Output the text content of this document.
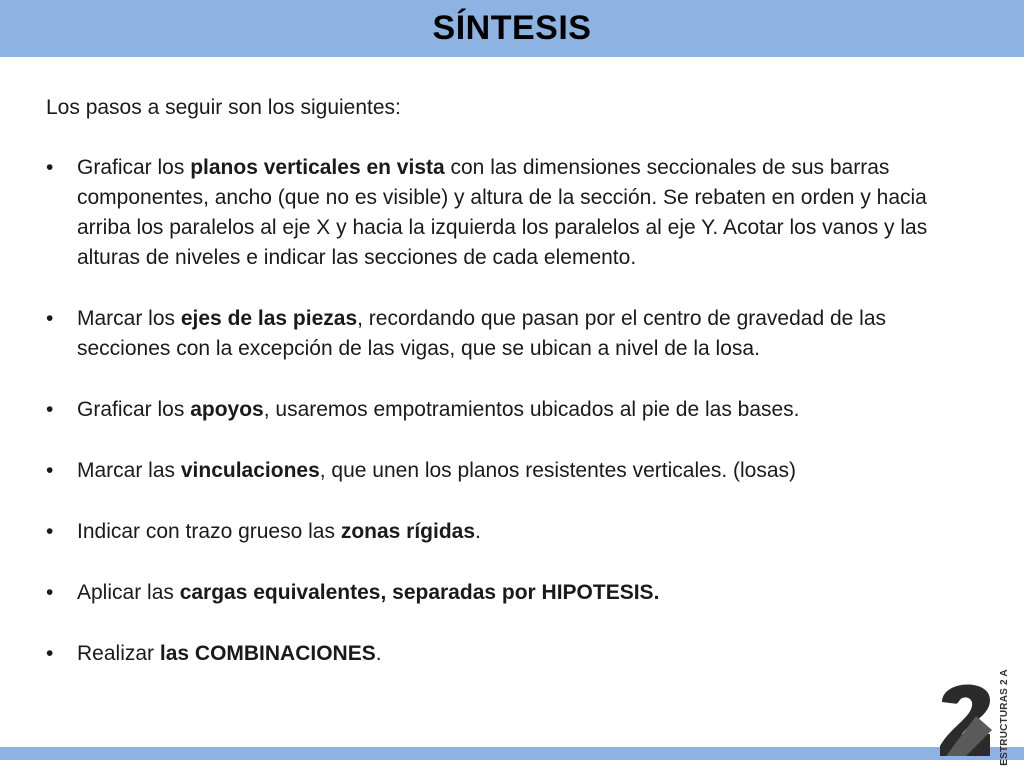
SÍNTESIS

Los pasos a seguir son los siguientes:

• Graficar los planos verticales en vista con las dimensiones seccionales de sus barras componentes, ancho (que no es visible) y altura de la sección. Se rebaten en orden y hacia arriba los paralelos al eje X y hacia la izquierda los paralelos al eje Y. Acotar los vanos y las alturas de niveles e indicar las secciones de cada elemento.
• Marcar los ejes de las piezas, recordando que pasan por el centro de gravedad de las secciones con la excepción de las vigas, que se ubican a nivel de la losa.
• Graficar los apoyos, usaremos empotramientos ubicados al pie de las bases.
• Marcar las vinculaciones, que unen los planos resistentes verticales. (losas)
• Indicar con trazo grueso las zonas rígidas.
• Aplicar las cargas equivalentes, separadas por HIPOTESIS.
• Realizar las COMBINACIONES.
ESTRUCTURAS 2 A
